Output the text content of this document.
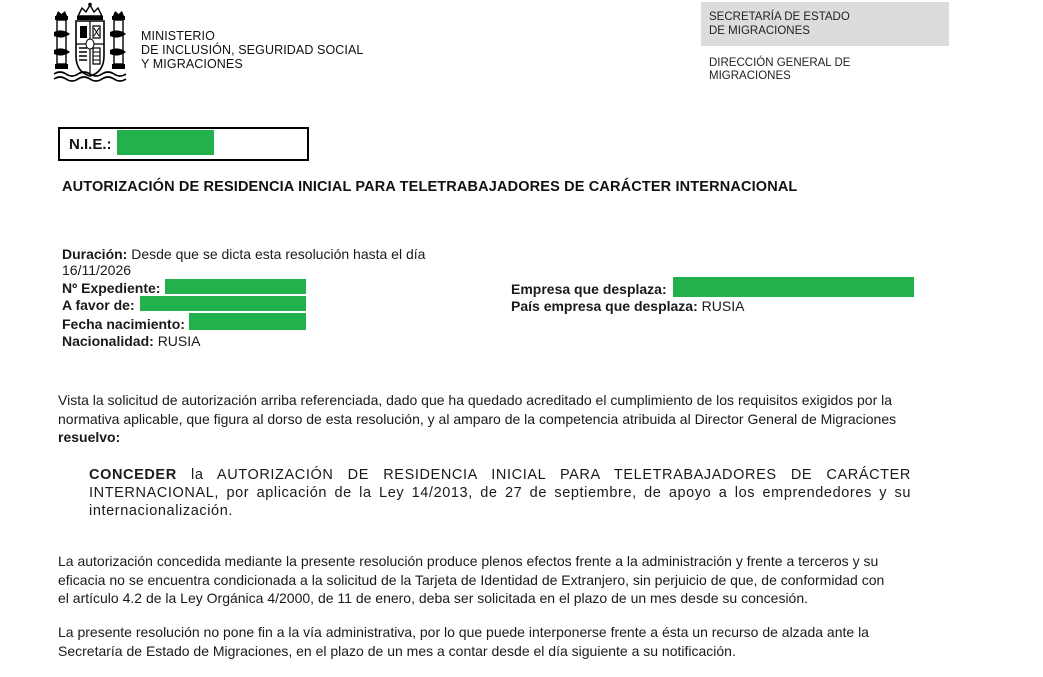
MINISTERIO
DE INCLUSIÓN, SEGURIDAD SOCIAL
Y MIGRACIONES
SECRETARÍA DE ESTADO
DE MIGRACIONES
DIRECCIÓN GENERAL DE
MIGRACIONES
N.I.E.:
AUTORIZACIÓN DE RESIDENCIA INICIAL PARA TELETRABAJADORES DE CARÁCTER INTERNACIONAL
Duración: Desde que se dicta esta resolución hasta el día
16/11/2026
Nº Expediente:
A favor de:
Fecha nacimiento:
Nacionalidad: RUSIA
Empresa que desplaza:
País empresa que desplaza: RUSIA
Vista la solicitud de autorización arriba referenciada, dado que ha quedado acreditado el cumplimiento de los requisitos exigidos por la
normativa aplicable, que figura al dorso de esta resolución, y al amparo de la competencia atribuida al Director General de Migraciones
resuelvo:
CONCEDER la AUTORIZACIÓN DE RESIDENCIA INICIAL PARA TELETRABAJADORES DE CARÁCTER INTERNACIONAL, por aplicación de la Ley 14/2013, de 27 de septiembre, de apoyo a los emprendedores y su internacionalización.
La autorización concedida mediante la presente resolución produce plenos efectos frente a la administración y frente a terceros y su
eficacia no se encuentra condicionada a la solicitud de la Tarjeta de Identidad de Extranjero, sin perjuicio de que, de conformidad con
el artículo 4.2 de la Ley Orgánica 4/2000, de 11 de enero, deba ser solicitada en el plazo de un mes desde su concesión.
La presente resolución no pone fin a la vía administrativa, por lo que puede interponerse frente a ésta un recurso de alzada ante la
Secretaría de Estado de Migraciones, en el plazo de un mes a contar desde el día siguiente a su notificación.
